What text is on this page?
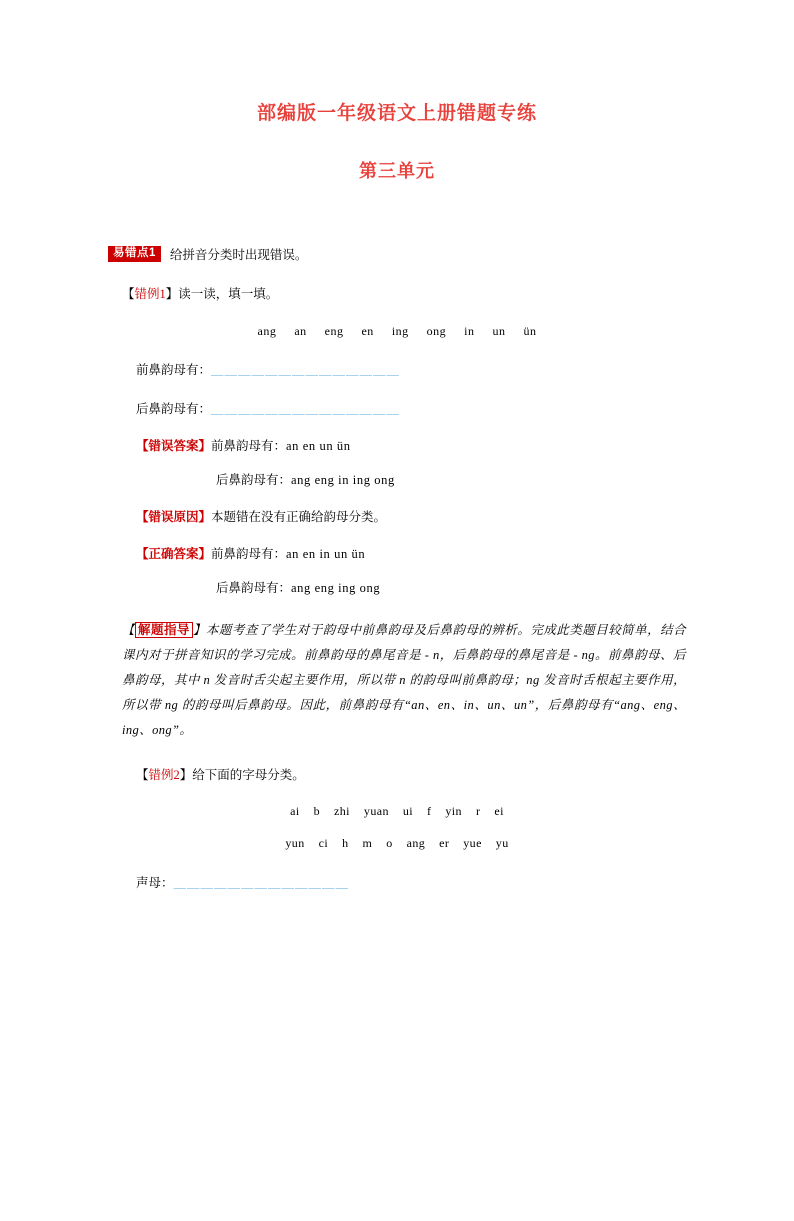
部编版一年级语文上册错题专练
第三单元
易错点1	给拼音分类时出现错误。
【错例1】读一读，填一填。
ang an eng en ing ong in un ün
前鼻韵母有：＿＿＿＿＿＿＿＿＿＿＿＿＿＿
后鼻韵母有：＿＿＿＿＿＿＿＿＿＿＿＿＿＿
【错误答案】前鼻韵母有：an en un ün
后鼻韵母有：ang eng in ing ong
【错误原因】本题错在没有正确给韵母分类。
【正确答案】前鼻韵母有：an en in un ün
后鼻韵母有：ang eng ing ong
【 解题指导 】本题考查了学生对于韵母中前鼻韵母及后鼻韵母的辨析。完成此类题目较简单，结合课内对于拼音知识的学习完成。前鼻韵母的鼻尾音是 - n，后鼻韵母的鼻尾音是 - ng。前鼻韵母、后鼻韵母，其中 n 发音时舌尖起主要作用，所以带 n 的韵母叫前鼻韵母；ng 发音时舌根起主要作用，所以带 ng 的韵母叫后鼻韵母。因此，前鼻韵母有“an、en、in、un、un”，后鼻韵母有“ang、eng、ing、ong”。
【错例2】给下面的字母分类。
ai b zhi yuan ui f yin r ei
yun ci h m o ang er yue yu
声母：＿＿＿＿＿＿＿＿＿＿＿＿＿
